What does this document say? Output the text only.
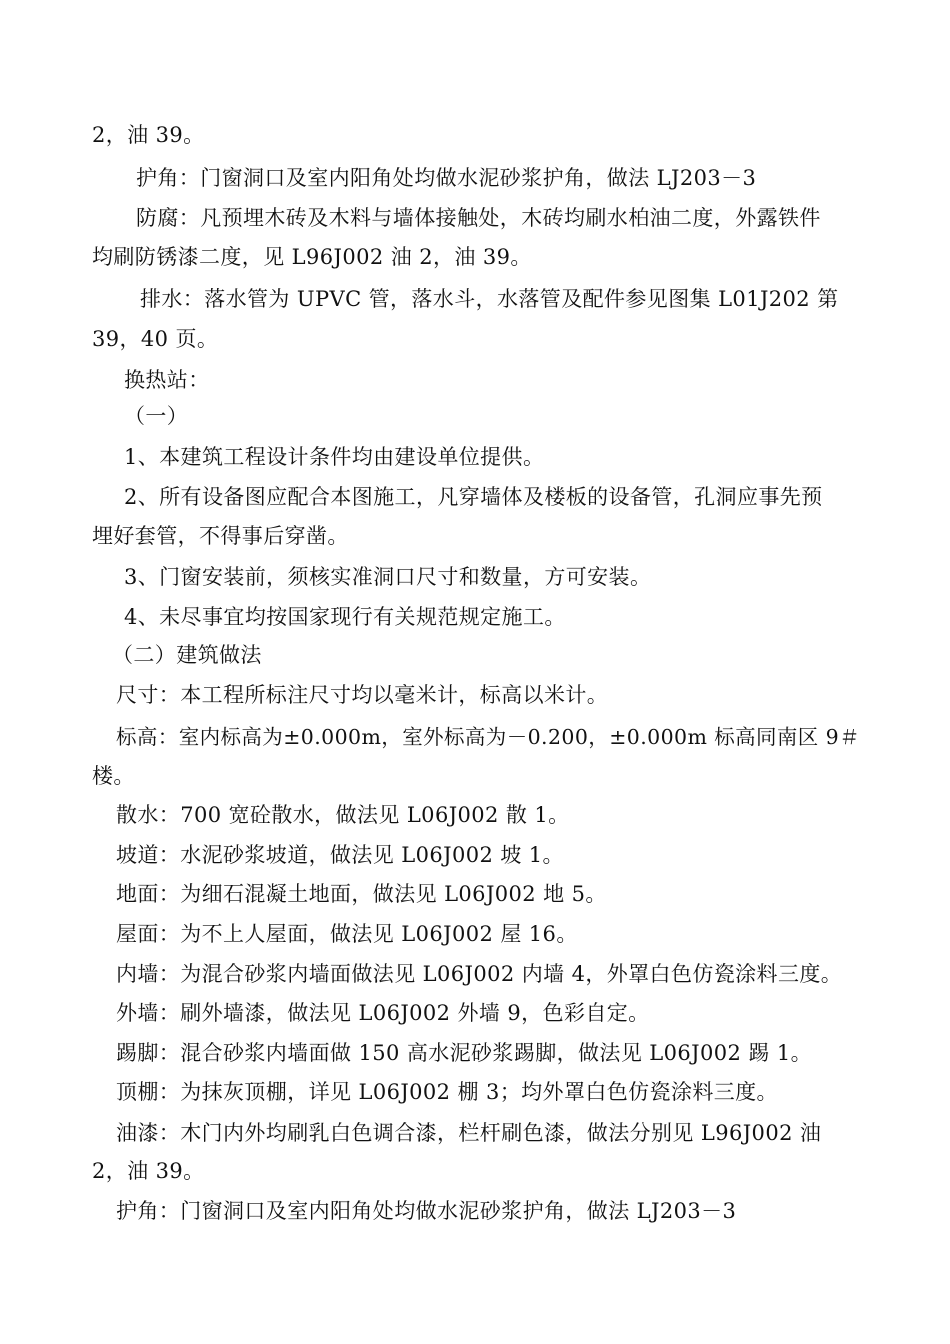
2，油 39。
护角：门窗洞口及室内阳角处均做水泥砂浆护角，做法 LJ203－3
防腐：凡预埋木砖及木料与墙体接触处，木砖均刷水柏油二度，外露铁件
均刷防锈漆二度，见 L96J002 油 2，油 39。
排水：落水管为 UPVC 管，落水斗，水落管及配件参见图集 L01J202 第
39，40 页。
换热站：
（一）
1、本建筑工程设计条件均由建设单位提供。
2、所有设备图应配合本图施工，凡穿墙体及楼板的设备管，孔洞应事先预
埋好套管，不得事后穿凿。
3、门窗安装前，须核实准洞口尺寸和数量，方可安装。
4、未尽事宜均按国家现行有关规范规定施工。
（二）建筑做法
尺寸：本工程所标注尺寸均以毫米计，标高以米计。
标高：室内标高为±0.000m，室外标高为－0.200，±0.000m 标高同南区 9＃
楼。
散水：700 宽砼散水，做法见 L06J002 散 1。
坡道：水泥砂浆坡道，做法见 L06J002 坡 1。
地面：为细石混凝土地面，做法见 L06J002 地 5。
屋面：为不上人屋面，做法见 L06J002 屋 16。
内墙：为混合砂浆内墙面做法见 L06J002 内墙 4，外罩白色仿瓷涂料三度。
外墙：刷外墙漆，做法见 L06J002 外墙 9，色彩自定。
踢脚：混合砂浆内墙面做 150 高水泥砂浆踢脚，做法见 L06J002 踢 1。
顶棚：为抹灰顶棚，详见 L06J002 棚 3；均外罩白色仿瓷涂料三度。
油漆：木门内外均刷乳白色调合漆，栏杆刷色漆，做法分别见 L96J002 油
2，油 39。
护角：门窗洞口及室内阳角处均做水泥砂浆护角，做法 LJ203－3
